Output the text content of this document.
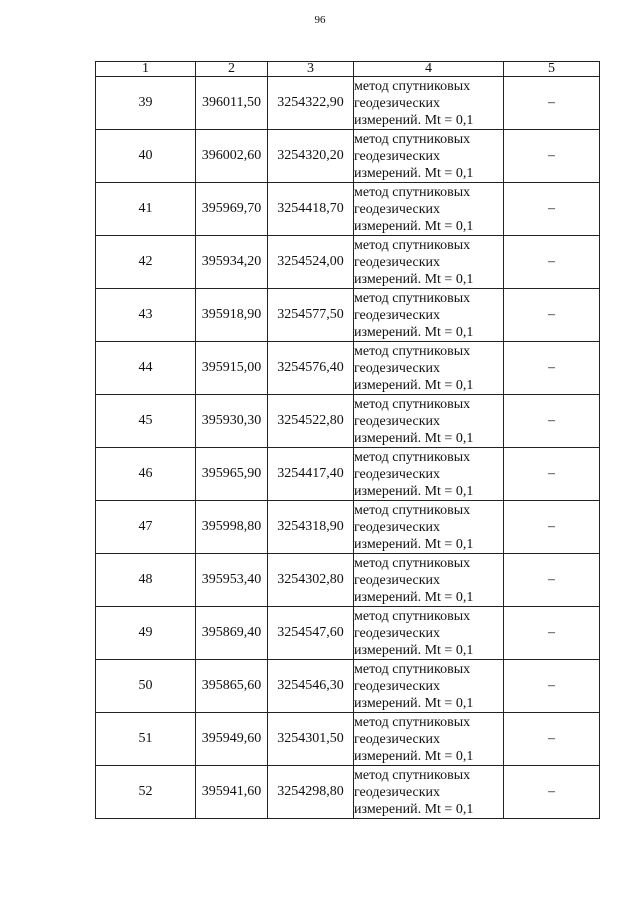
96
1	2	3	4	5
39	396011,50	3254322,90	метод спутниковых
геодезических
измерений. Mt = 0,1	–
40	396002,60	3254320,20	метод спутниковых
геодезических
измерений. Mt = 0,1	–
41	395969,70	3254418,70	метод спутниковых
геодезических
измерений. Mt = 0,1	–
42	395934,20	3254524,00	метод спутниковых
геодезических
измерений. Mt = 0,1	–
43	395918,90	3254577,50	метод спутниковых
геодезических
измерений. Mt = 0,1	–
44	395915,00	3254576,40	метод спутниковых
геодезических
измерений. Mt = 0,1	–
45	395930,30	3254522,80	метод спутниковых
геодезических
измерений. Mt = 0,1	–
46	395965,90	3254417,40	метод спутниковых
геодезических
измерений. Mt = 0,1	–
47	395998,80	3254318,90	метод спутниковых
геодезических
измерений. Mt = 0,1	–
48	395953,40	3254302,80	метод спутниковых
геодезических
измерений. Mt = 0,1	–
49	395869,40	3254547,60	метод спутниковых
геодезических
измерений. Mt = 0,1	–
50	395865,60	3254546,30	метод спутниковых
геодезических
измерений. Mt = 0,1	–
51	395949,60	3254301,50	метод спутниковых
геодезических
измерений. Mt = 0,1	–
52	395941,60	3254298,80	метод спутниковых
геодезических
измерений. Mt = 0,1	–
